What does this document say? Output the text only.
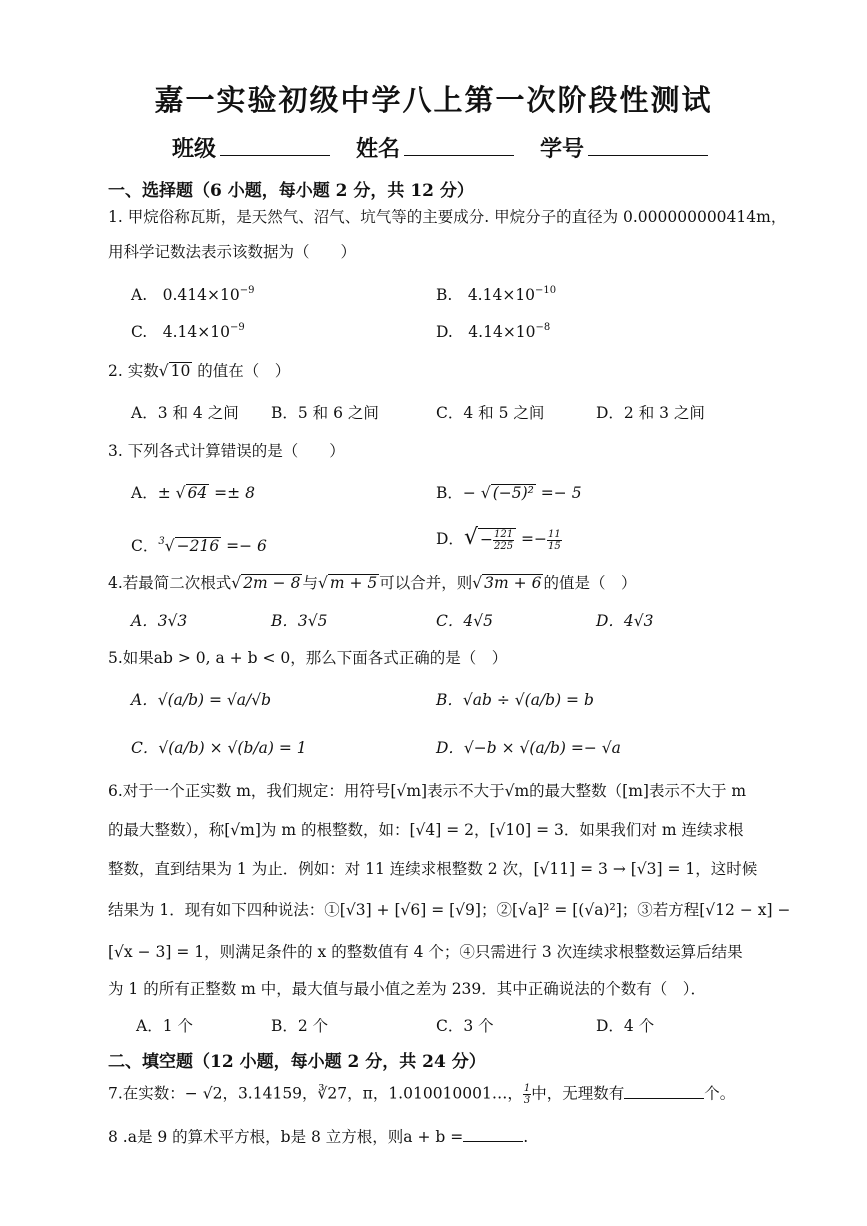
嘉一实验初级中学八上第一次阶段性测试
班级	姓名	学号
一、选择题（6 小题，每小题 2 分，共 12 分）
1. 甲烷俗称瓦斯，是天然气、沼气、坑气等的主要成分. 甲烷分子的直径为 0.000000000414m，
用科学记数法表示该数据为（　　）
A.　$0.414\times 10^{-9}$	B.　$4.14\times 10^{-10}$
C.　$4.14\times 10^{-9}$	D.　$4.14\times 10^{-8}$
2. 实数√ 10 的值在（　）
A．3 和 4 之间 B．5 和 6 之间	C．4 和 5 之间	D．2 和 3 之间
3. 下列各式计算错误的是（　　）
A．± √ 64 =± 8	B．− √ (−5)² =− 5
C．$^3$√ −216 =− 6	D．√ − $\frac{121}{225} =- \frac{11}{15}$
4.若最简二次根式√ 2m − 8 与√ m + 5 可以合并，则√ 3m + 6 的值是（　）
A．3√3	B．3√5	C．4√5	D．4√3
5.如果ab > 0, a + b < 0，那么下面各式正确的是（　）
A．√(a/b) = √a/√b	B．√ab ÷ √(a/b) = b
C．√(a/b) × √(b/a) = 1	D．√−b × √(a/b) =− √a
6.对于一个正实数 m，我们规定：用符号[√m]表示不大于√m的最大整数（[m]表示不大于 m
的最大整数），称[√m]为 m 的根整数，如：[√4] = 2，[√10] = 3．如果我们对 m 连续求根
整数，直到结果为 1 为止．例如：对 11 连续求根整数 2 次，[√11] = 3 → [√3] = 1，这时候
结果为 1．现有如下四种说法：①[√3] + [√6] = [√9]；②[√a]² = [(√a)²]；③若方程[√12 − x] −
[√x − 3] = 1，则满足条件的 x 的整数值有 4 个；④只需进行 3 次连续求根整数运算后结果
为 1 的所有正整数 m 中，最大值与最小值之差为 239．其中正确说法的个数有（　）．
A．1 个	B．2 个	C．3 个	D．4 个
二、填空题（12 小题，每小题 2 分，共 24 分）
7.在实数：− √2，3.14159，∛27，π，1.010010001…， $\frac{1}{3}$ 中，无理数有	个。
8 .a是 9 的算术平方根，b是 8 立方根，则a + b =	.
